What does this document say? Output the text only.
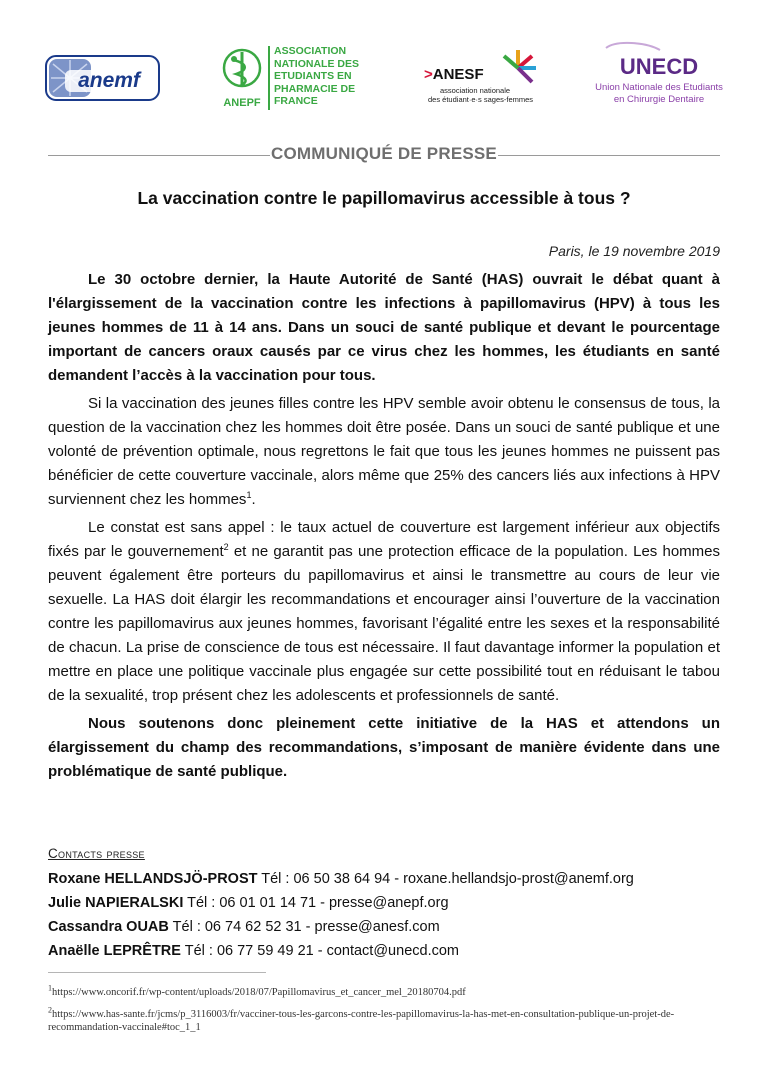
anemf
ANEPF
ASSOCIATION
NATIONALE DES
ETUDIANTS EN
PHARMACIE DE
FRANCE
>ANESF
association nationale
des étudiant·e·s sages-femmes
UNECD
Union Nationale des Etudiants
en Chirurgie Dentaire
COMMUNIQUÉ DE PRESSE
La vaccination contre le papillomavirus accessible à tous ?
Paris, le 19 novembre 2019

Le 30 octobre dernier, la Haute Autorité de Santé (HAS) ouvrait le débat quant à l'élargissement de la vaccination contre les infections à papillomavirus (HPV) à tous les jeunes hommes de 11 à 14 ans. Dans un souci de santé publique et devant le pourcentage important de cancers oraux causés par ce virus chez les hommes, les étudiants en santé demandent l’accès à la vaccination pour tous.

Si la vaccination des jeunes filles contre les HPV semble avoir obtenu le consensus de tous, la question de la vaccination chez les hommes doit être posée. Dans un souci de santé publique et une volonté de prévention optimale, nous regrettons le fait que tous les jeunes hommes ne puissent pas bénéficier de cette couverture vaccinale, alors même que 25% des cancers liés aux infections à HPV surviennent chez les hommes$^1$.

Le constat est sans appel : le taux actuel de couverture est largement inférieur aux objectifs fixés par le gouvernement$^2$ et ne garantit pas une protection efficace de la population. Les hommes peuvent également être porteurs du papillomavirus et ainsi le transmettre au cours de leur vie sexuelle. La HAS doit élargir les recommandations et encourager ainsi l’ouverture de la vaccination contre les papillomavirus aux jeunes hommes, favorisant l’égalité entre les sexes et la responsabilité de chacun. La prise de conscience de tous est nécessaire. Il faut davantage informer la population et mettre en place une politique vaccinale plus engagée sur cette possibilité tout en réduisant le tabou de la sexualité, trop présent chez les adolescents et professionnels de santé.

Nous soutenons donc pleinement cette initiative de la HAS et attendons un élargissement du champ des recommandations, s’imposant de manière évidente dans une problématique de santé publique.

Contacts presse
Roxane HELLANDSJÖ-PROST Tél : 06 50 38 64 94 - roxane.hellandsjo-prost@anemf.org
Julie NAPIERALSKI Tél : 06 01 01 14 71 - presse@anepf.org
Cassandra OUAB Tél : 06 74 62 52 31 - presse@anesf.com
Anaëlle LEPRÊTRE Tél : 06 77 59 49 21 - contact@unecd.com
$^1$https://www.oncorif.fr/wp-content/uploads/2018/07/Papillomavirus_et_cancer_mel_20180704.pdf
$^2$https://www.has-sante.fr/jcms/p_3116003/fr/vacciner-tous-les-garcons-contre-les-papillomavirus-la-has-met-en-consultation-publique-un-projet-de-recommandation-vaccinale#toc_1_1
